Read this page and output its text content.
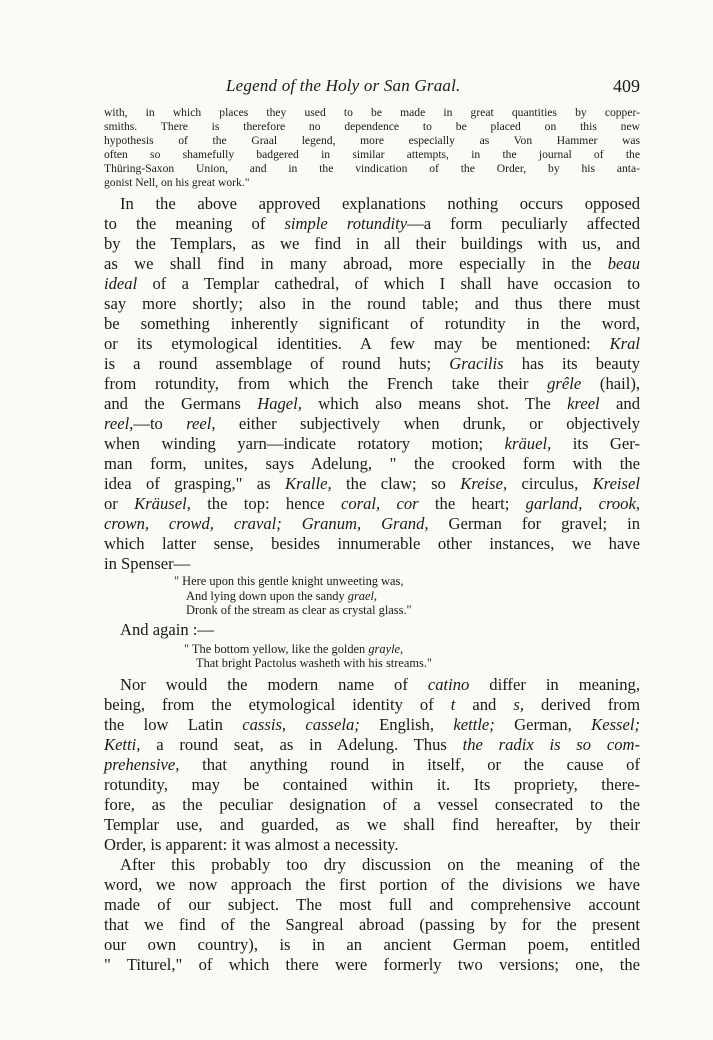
Legend of the Holy or San Graal.	409

with, in which places they used to be made in great quantities by copper-

smiths. There is therefore no dependence to be placed on this new

hypothesis of the Graal legend, more especially as Von Hammer was

often so shamefully badgered in similar attempts, in the journal of the

Thüring-Saxon Union, and in the vindication of the Order, by his anta-

gonist Nell, on his great work."

In the above approved explanations nothing occurs opposed

to the meaning of simple rotundity—a form peculiarly affected

by the Templars, as we find in all their buildings with us, and

as we shall find in many abroad, more especially in the beau

ideal of a Templar cathedral, of which I shall have occasion to

say more shortly; also in the round table; and thus there must

be something inherently significant of rotundity in the word,

or its etymological identities. A few may be mentioned: Kral

is a round assemblage of round huts; Gracilis has its beauty

from rotundity, from which the French take their grêle (hail),

and the Germans Hagel, which also means shot. The kreel and

reel,—to reel, either subjectively when drunk, or objectively

when winding yarn—indicate rotatory motion; kräuel, its Ger-

man form, unites, says Adelung, " the crooked form with the

idea of grasping," as Kralle, the claw; so Kreise, circulus, Kreisel

or Kräusel, the top: hence coral, cor the heart; garland, crook,

crown, crowd, craval; Granum, Grand, German for gravel; in

which latter sense, besides innumerable other instances, we have

in Spenser—

" Here upon this gentle knight unweeting was,

And lying down upon the sandy grael,

Dronk of the stream as clear as crystal glass."

And again :—

" The bottom yellow, like the golden grayle,

That bright Pactolus washeth with his streams."

Nor would the modern name of catino differ in meaning,

being, from the etymological identity of t and s, derived from

the low Latin cassis, cassela; English, kettle; German, Kessel;

Ketti, a round seat, as in Adelung. Thus the radix is so com-

prehensive, that anything round in itself, or the cause of

rotundity, may be contained within it. Its propriety, there-

fore, as the peculiar designation of a vessel consecrated to the

Templar use, and guarded, as we shall find hereafter, by their

Order, is apparent: it was almost a necessity.

After this probably too dry discussion on the meaning of the

word, we now approach the first portion of the divisions we have

made of our subject. The most full and comprehensive account

that we find of the Sangreal abroad (passing by for the present

our own country), is in an ancient German poem, entitled

" Titurel," of which there were formerly two versions; one, the
